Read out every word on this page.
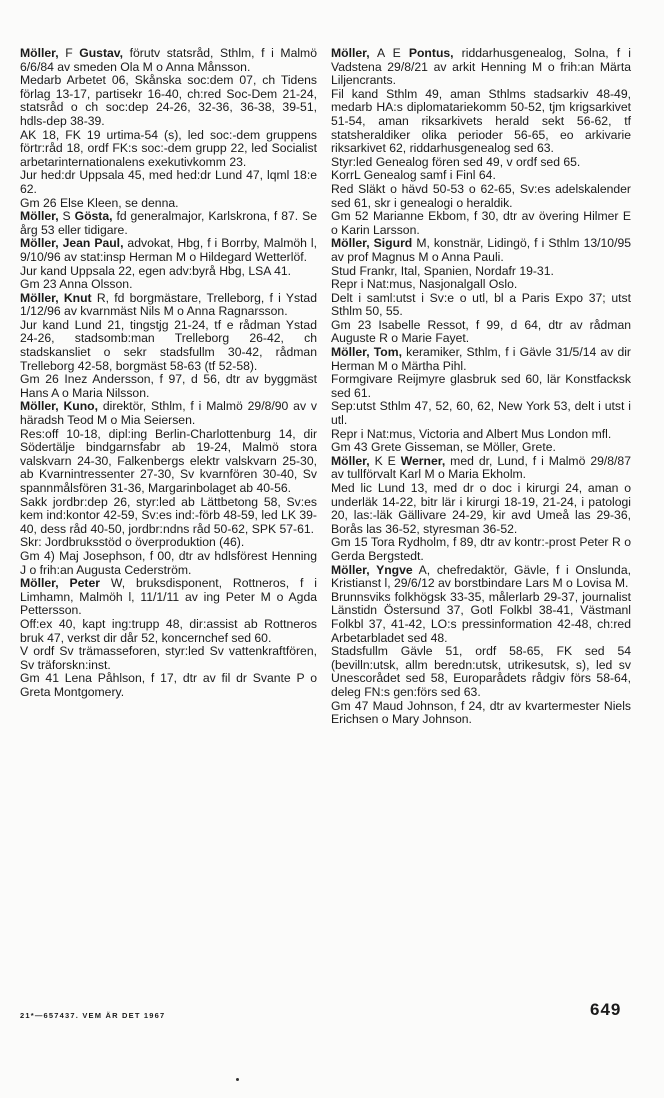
Möller, F Gustav, förutv statsråd, Sthlm, f i Malmö 6/6/84 av smeden Ola M o Anna Månsson.

Medarb Arbetet 06, Skånska soc:dem 07, ch Tidens förlag 13-17, partisekr 16-40, ch:red Soc-Dem 21-24, statsråd o ch soc:dep 24-26, 32-36, 36-38, 39-51, hdls-dep 38-39.

AK 18, FK 19 urtima-54 (s), led soc:-dem gruppens förtr:råd 18, ordf FK:s soc:-dem grupp 22, led Socialist arbetarinternationalens exekutivkomm 23.

Jur hed:dr Uppsala 45, med hed:dr Lund 47, lqml 18:e 62.

Gm 26 Else Kleen, se denna.

Möller, S Gösta, fd generalmajor, Karlskrona, f 87. Se årg 53 eller tidigare.

Möller, Jean Paul, advokat, Hbg, f i Borrby, Malmöh l, 9/10/96 av stat:insp Herman M o Hildegard Wetterlöf.

Jur kand Uppsala 22, egen adv:byrå Hbg, LSA 41.

Gm 23 Anna Olsson.

Möller, Knut R, fd borgmästare, Trelleborg, f i Ystad 1/12/96 av kvarnmäst Nils M o Anna Ragnarsson.

Jur kand Lund 21, tingstjg 21-24, tf e rådman Ystad 24-26, stadsomb:man Trelleborg 26-42, ch stadskansliet o sekr stadsfullm 30-42, rådman Trelleborg 42-58, borgmäst 58-63 (tf 52-58).

Gm 26 Inez Andersson, f 97, d 56, dtr av byggmäst Hans A o Maria Nilsson.

Möller, Kuno, direktör, Sthlm, f i Malmö 29/8/90 av v häradsh Teod M o Mia Seiersen.

Res:off 10-18, dipl:ing Berlin-Charlottenburg 14, dir Södertälje bindgarnsfabr ab 19-24, Malmö stora valskvarn 24-30, Falkenbergs elektr valskvarn 25-30, ab Kvarnintressenter 27-30, Sv kvarnfören 30-40, Sv spannmålsfören 31-36, Margarinbolaget ab 40-56.

Sakk jordbr:dep 26, styr:led ab Lättbetong 58, Sv:es kem ind:kontor 42-59, Sv:es ind:-förb 48-59, led LK 39-40, dess råd 40-50, jordbr:ndns råd 50-62, SPK 57-61.

Skr: Jordbruksstöd o överproduktion (46).

Gm 4) Maj Josephson, f 00, dtr av hdlsförest Henning J o frih:an Augusta Cederström.

Möller, Peter W, bruksdisponent, Rottneros, f i Limhamn, Malmöh l, 11/1/11 av ing Peter M o Agda Pettersson.

Off:ex 40, kapt ing:trupp 48, dir:assist ab Rottneros bruk 47, verkst dir dår 52, koncernchef sed 60.

V ordf Sv trämasseforen, styr:led Sv vattenkraftfören, Sv träforskn:inst.

Gm 41 Lena Påhlson, f 17, dtr av fil dr Svante P o Greta Montgomery.

Möller, A E Pontus, riddarhusgenealog, Solna, f i Vadstena 29/8/21 av arkit Henning M o frih:an Märta Liljencrants.

Fil kand Sthlm 49, aman Sthlms stadsarkiv 48-49, medarb HA:s diplomatariekomm 50-52, tjm krigsarkivet 51-54, aman riksarkivets herald sekt 56-62, tf statsheraldiker olika perioder 56-65, eo arkivarie riksarkivet 62, riddarhusgenealog sed 63.

Styr:led Genealog fören sed 49, v ordf sed 65.

KorrL Genealog samf i Finl 64.

Red Släkt o hävd 50-53 o 62-65, Sv:es adelskalender sed 61, skr i genealogi o heraldik.

Gm 52 Marianne Ekbom, f 30, dtr av övering Hilmer E o Karin Larsson.

Möller, Sigurd M, konstnär, Lidingö, f i Sthlm 13/10/95 av prof Magnus M o Anna Pauli.

Stud Frankr, Ital, Spanien, Nordafr 19-31.

Repr i Nat:mus, Nasjonalgall Oslo.

Delt i saml:utst i Sv:e o utl, bl a Paris Expo 37; utst Sthlm 50, 55.

Gm 23 Isabelle Ressot, f 99, d 64, dtr av rådman Auguste R o Marie Fayet.

Möller, Tom, keramiker, Sthlm, f i Gävle 31/5/14 av dir Herman M o Märtha Pihl.

Formgivare Reijmyre glasbruk sed 60, lär Konstfacksk sed 61.

Sep:utst Sthlm 47, 52, 60, 62, New York 53, delt i utst i utl.

Repr i Nat:mus, Victoria and Albert Mus London mfl.

Gm 43 Grete Gisseman, se Möller, Grete.

Möller, K E Werner, med dr, Lund, f i Malmö 29/8/87 av tullförvalt Karl M o Maria Ekholm.

Med lic Lund 13, med dr o doc i kirurgi 24, aman o underläk 14-22, bitr lär i kirurgi 18-19, 21-24, i patologi 20, las:-läk Gällivare 24-29, kir avd Umeå las 29-36, Borås las 36-52, styresman 36-52.

Gm 15 Tora Rydholm, f 89, dtr av kontr:-prost Peter R o Gerda Bergstedt.

Möller, Yngve A, chefredaktör, Gävle, f i Onslunda, Kristianst l, 29/6/12 av borstbindare Lars M o Lovisa M.

Brunnsviks folkhögsk 33-35, målerlarb 29-37, journalist Länstidn Östersund 37, Gotl Folkbl 38-41, Västmanl Folkbl 37, 41-42, LO:s pressinformation 42-48, ch:red Arbetarbladet sed 48.

Stadsfullm Gävle 51, ordf 58-65, FK sed 54 (bevilln:utsk, allm beredn:utsk, utrikesutsk, s), led sv Unescorådet sed 58, Europarådets rådgiv förs 58-64, deleg FN:s gen:förs sed 63.

Gm 47 Maud Johnson, f 24, dtr av kvartermester Niels Erichsen o Mary Johnson.

21*—657437. VEM ÄR DET 1967	649
